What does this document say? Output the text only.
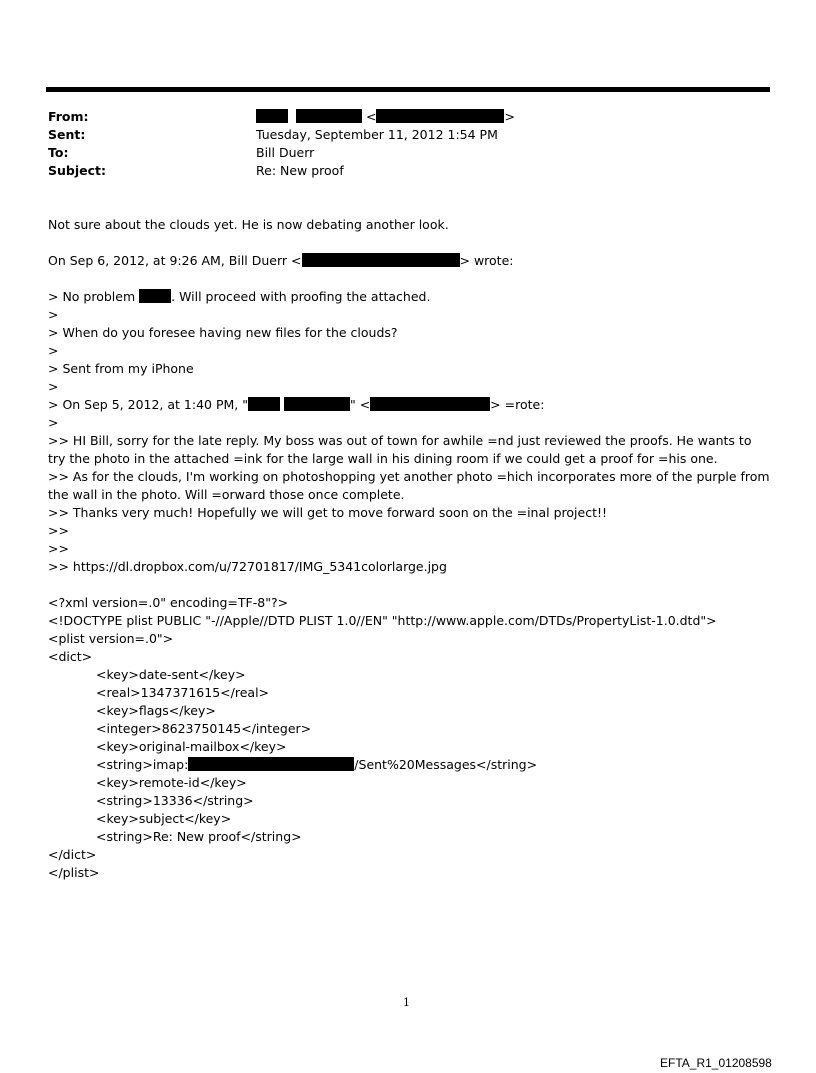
From:	<	>
Sent:	Tuesday, September 11, 2012 1:54 PM
To:	Bill Duerr
Subject:	Re: New proof
Not sure about the clouds yet. He is now debating another look.
On Sep 6, 2012, at 9:26 AM, Bill Duerr <	> wrote:
> No problem	. Will proceed with proofing the attached.
>
> When do you foresee having new files for the clouds?
>
> Sent from my iPhone
>
> On Sep 5, 2012, at 1:40 PM, "	" <	> =rote:
>
>> HI Bill, sorry for the late reply. My boss was out of town for awhile =nd just reviewed the proofs. He wants to try the photo in the attached =ink for the large wall in his dining room if we could get a proof for =his one.
>> As for the clouds, I'm working on photoshopping yet another photo =hich incorporates more of the purple from the wall in the photo. Will =orward those once complete.
>> Thanks very much! Hopefully we will get to move forward soon on the =inal project!!
>>
>>
>> https://dl.dropbox.com/u/72701817/IMG_5341colorlarge.jpg
<?xml version=.0" encoding=TF-8"?>
<!DOCTYPE plist PUBLIC "-//Apple//DTD PLIST 1.0//EN" "http://www.apple.com/DTDs/PropertyList-1.0.dtd">
<plist version=.0">
<dict>
<key>date-sent</key>
<real>1347371615</real>
<key>flags</key>
<integer>8623750145</integer>
<key>original-mailbox</key>
<string>imap:	/Sent%20Messages</string>
<key>remote-id</key>
<string>13336</string>
<key>subject</key>
<string>Re: New proof</string>
</dict>
</plist>
1
EFTA_R1_01208598
